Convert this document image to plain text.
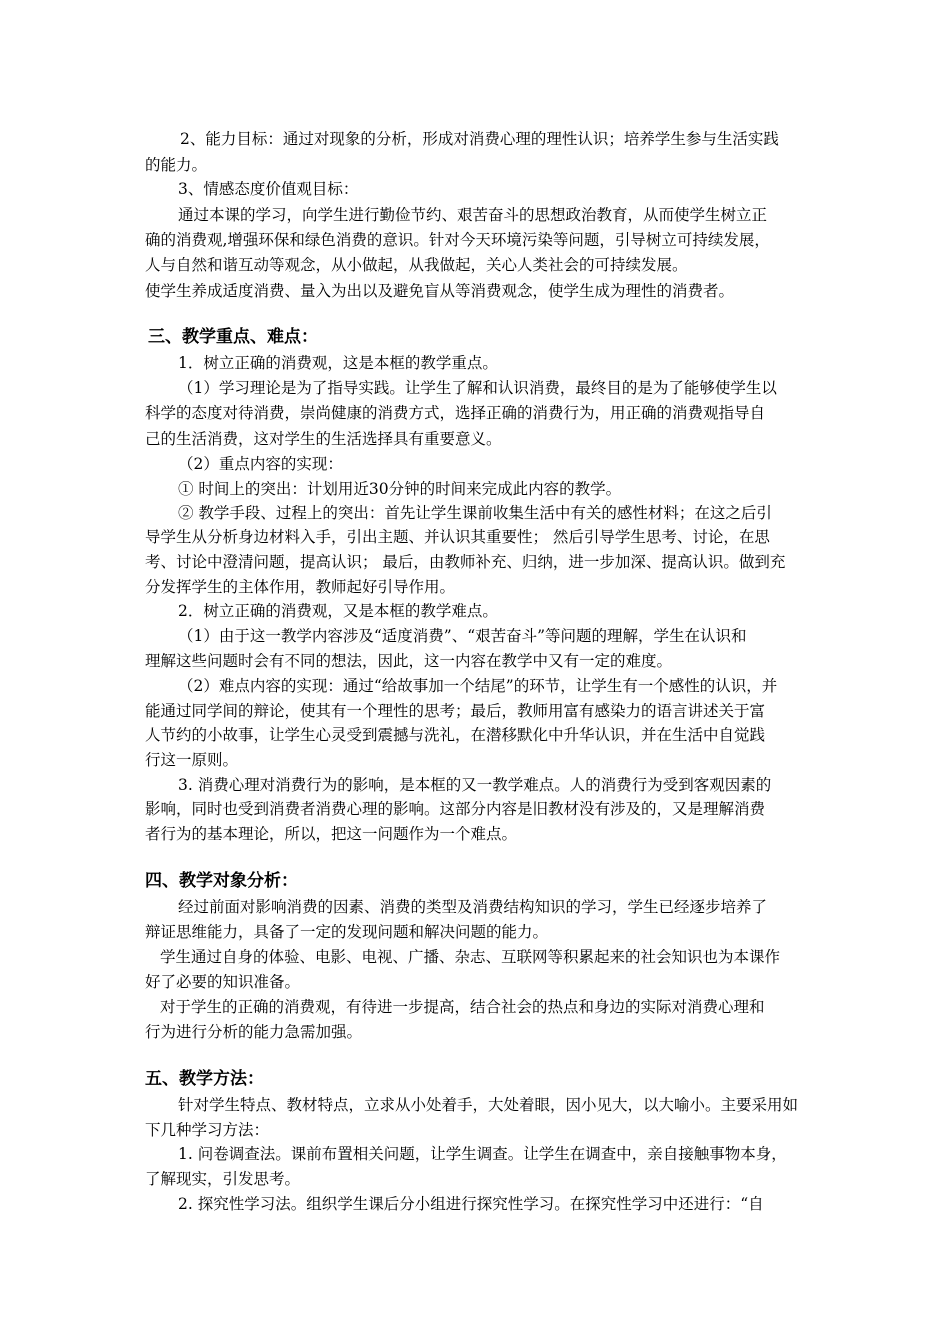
2、能力目标：通过对现象的分析，形成对消费心理的理性认识；培养学生参与生活实践
的能力。
3、情感态度价值观目标：
通过本课的学习，向学生进行勤俭节约、艰苦奋斗的思想政治教育，从而使学生树立正
确的消费观,增强环保和绿色消费的意识。针对今天环境污染等问题，引导树立可持续发展，
人与自然和谐互动等观念，从小做起，从我做起，关心人类社会的可持续发展。
使学生养成适度消费、量入为出以及避免盲从等消费观念，使学生成为理性的消费者。
三、教学重点、难点：
1．树立正确的消费观，这是本框的教学重点。
（1）学习理论是为了指导实践。让学生了解和认识消费，最终目的是为了能够使学生以
科学的态度对待消费，崇尚健康的消费方式，选择正确的消费行为，用正确的消费观指导自
己的生活消费，这对学生的生活选择具有重要意义。
（2）重点内容的实现：
① 时间上的突出：计划用近30分钟的时间来完成此内容的教学。
② 教学手段、过程上的突出：首先让学生课前收集生活中有关的感性材料；在这之后引
导学生从分析身边材料入手，引出主题、并认识其重要性； 然后引导学生思考、讨论，在思
考、讨论中澄清问题，提高认识； 最后，由教师补充、归纳，进一步加深、提高认识。做到充
分发挥学生的主体作用，教师起好引导作用。
2．树立正确的消费观，又是本框的教学难点。
（1）由于这一教学内容涉及“适度消费”、“艰苦奋斗”等问题的理解，学生在认识和
理解这些问题时会有不同的想法，因此，这一内容在教学中又有一定的难度。
（2）难点内容的实现：通过“给故事加一个结尾”的环节，让学生有一个感性的认识，并
能通过同学间的辩论，使其有一个理性的思考；最后，教师用富有感染力的语言讲述关于富
人节约的小故事，让学生心灵受到震撼与洗礼，在潜移默化中升华认识，并在生活中自觉践
行这一原则。
3. 消费心理对消费行为的影响，是本框的又一教学难点。人的消费行为受到客观因素的
影响，同时也受到消费者消费心理的影响。这部分内容是旧教材没有涉及的，又是理解消费
者行为的基本理论，所以，把这一问题作为一个难点。
四、教学对象分析：
经过前面对影响消费的因素、消费的类型及消费结构知识的学习，学生已经逐步培养了
辩证思维能力，具备了一定的发现问题和解决问题的能力。
学生通过自身的体验、电影、电视、广播、杂志、互联网等积累起来的社会知识也为本课作
好了必要的知识准备。
对于学生的正确的消费观，有待进一步提高，结合社会的热点和身边的实际对消费心理和
行为进行分析的能力急需加强。
五、教学方法：
针对学生特点、教材特点，立求从小处着手，大处着眼，因小见大，以大喻小。主要采用如
下几种学习方法：
1. 问卷调查法。课前布置相关问题，让学生调查。让学生在调查中，亲自接触事物本身，
了解现实，引发思考。
2. 探究性学习法。组织学生课后分小组进行探究性学习。在探究性学习中还进行：“自
